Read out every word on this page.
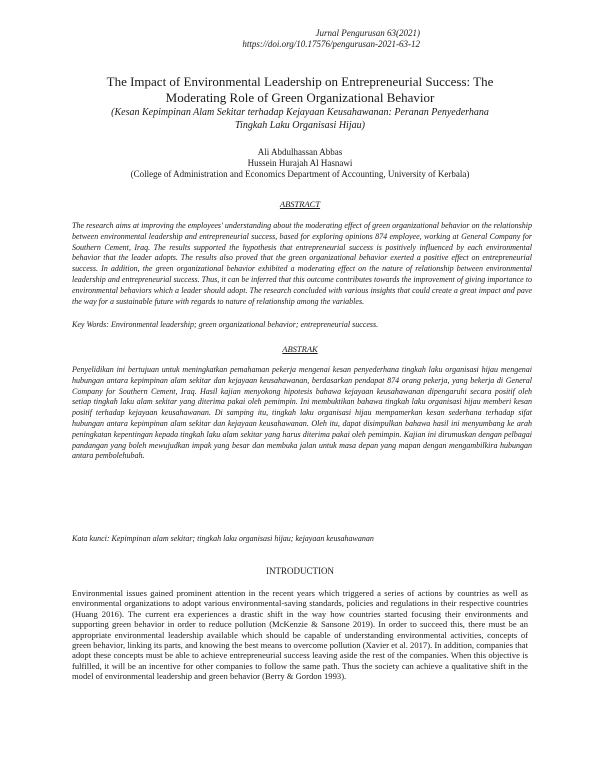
Jurnal Pengurusan 63(2021)
https://doi.org/10.17576/pengurusan-2021-63-12
The Impact of Environmental Leadership on Entrepreneurial Success: The
Moderating Role of Green Organizational Behavior
(Kesan Kepimpinan Alam Sekitar terhadap Kejayaan Keusahawanan: Peranan Penyederhana
Tingkah Laku Organisasi Hijau)
Ali Abdulhassan Abbas
Hussein Hurajah Al Hasnawi
(College of Administration and Economics Department of Accounting, University of Kerbala)
ABSTRACT

The research aims at improving the employees' understanding about the moderating effect of green organizational behavior on the relationship between environmental leadership and entrepreneurial success, based for exploring opinions 874 employee, working at General Company for Southern Cement, Iraq. The results supported the hypothesis that entrepreneurial success is positively influenced by each environmental behavior that the leader adopts. The results also proved that the green organizational behavior exerted a positive effect on entrepreneurial success. In addition, the green organizational behavior exhibited a moderating effect on the nature of relationship between environmental leadership and entrepreneurial success. Thus, it can be inferred that this outcome contributes towards the improvement of giving importance to environmental behaviors which a leader should adopt. The research concluded with various insights that could create a great impact and pave the way for a sustainable future with regards to nature of relationship among the variables.

Key Words: Environmental leadership; green organizational behavior; entrepreneurial success.
ABSTRAK

Penyelidikan ini bertujuan untuk meningkatkan pemahaman pekerja mengenai kesan penyederhana tingkah laku organisasi hijau mengenai hubungan antara kepimpinan alam sekitar dan kejayaan keusahawanan, berdasarkan pendapat 874 orang pekerja, yang bekerja di General Company for Southern Cement, Iraq. Hasil kajian menyokong hipotesis bahawa kejayaan keusahawanan dipengaruhi secara positif oleh setiap tingkah laku alam sekitar yang diterima pakai oleh pemimpin. Ini membuktikan bahawa tingkah laku organisasi hijau memberi kesan positif terhadap kejayaan keusahawanan. Di samping itu, tingkah laku organisasi hijau mempamerkan kesan sederhana terhadap sifat hubungan antara kepimpinan alam sekitar dan kejayaan keusahawanan. Oleh itu, dapat disimpulkan bahawa hasil ini menyumbang ke arah peningkatan kepentingan kepada tingkah laku alam sekitar yang harus diterima pakai oleh pemimpin. Kajian ini dirumuskan dengan pelbagai pandangan yang boleh mewujudkan impak yang besar dan membuka jalan untuk masa depan yang mapan dengan mengambilkira hubungan antara pembolehubah.

Kata kunci: Kepimpinan alam sekitar; tingkah laku organisasi hijau; kejayaan keusahawanan
INTRODUCTION

Environmental issues gained prominent attention in the recent years which triggered a series of actions by countries as well as environmental organizations to adopt various environmental-saving standards, policies and regulations in their respective countries (Huang 2016). The current era experiences a drastic shift in the way how countries started focusing their environments and supporting green behavior in order to reduce pollution (McKenzie & Sansone 2019). In order to succeed this, there must be an appropriate environmental leadership available which should be capable of understanding environmental activities, concepts of green behavior, linking its parts, and knowing the best means to overcome pollution (Xavier et al. 2017). In addition, companies that adopt these concepts must be able to achieve entrepreneurial success leaving aside the rest of the companies. When this objective is fulfilled, it will be an incentive for other companies to follow the same path. Thus the society can achieve a qualitative shift in the model of environmental leadership and green behavior (Berry & Gordon 1993).
